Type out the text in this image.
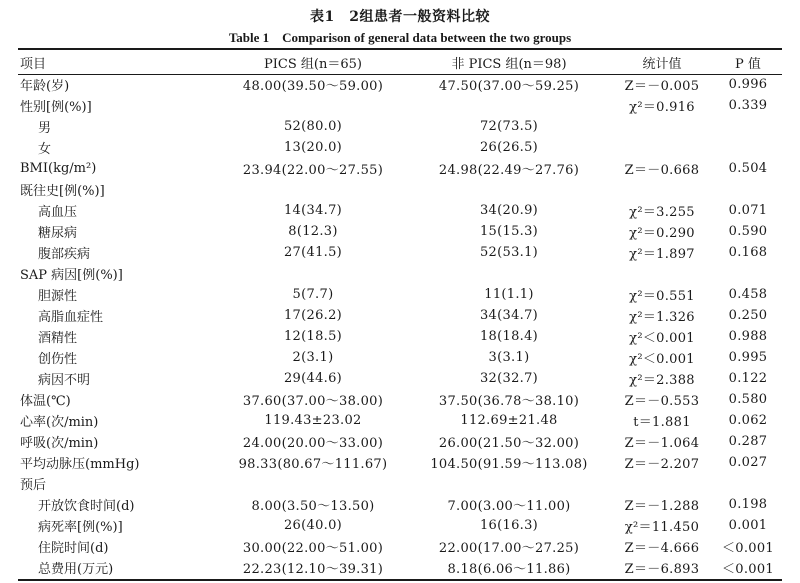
表1　2组患者一般资料比较
Table 1　Comparison of general data between the two groups
项目	PICS 组(n＝65)	非 PICS 组(n＝98)	统计值	P 值
年龄(岁)	48.00(39.50～59.00)	47.50(37.00～59.25)	Z＝－0.005	0.996
性别[例(%)]			χ²＝0.916	0.339
男	52(80.0)	72(73.5)		
女	13(20.0)	26(26.5)		
BMI(kg/m²)	23.94(22.00～27.55)	24.98(22.49～27.76)	Z＝－0.668	0.504
既往史[例(%)]				
高血压	14(34.7)	34(20.9)	χ²＝3.255	0.071
糖尿病	8(12.3)	15(15.3)	χ²＝0.290	0.590
腹部疾病	27(41.5)	52(53.1)	χ²＝1.897	0.168
SAP 病因[例(%)]				
胆源性	5(7.7)	11(1.1)	χ²＝0.551	0.458
高脂血症性	17(26.2)	34(34.7)	χ²＝1.326	0.250
酒精性	12(18.5)	18(18.4)	χ²＜0.001	0.988
创伤性	2(3.1)	3(3.1)	χ²＜0.001	0.995
病因不明	29(44.6)	32(32.7)	χ²＝2.388	0.122
体温(℃)	37.60(37.00～38.00)	37.50(36.78～38.10)	Z＝－0.553	0.580
心率(次/min)	119.43±23.02	112.69±21.48	t＝1.881	0.062
呼吸(次/min)	24.00(20.00～33.00)	26.00(21.50～32.00)	Z＝－1.064	0.287
平均动脉压(mmHg)	98.33(80.67～111.67)	104.50(91.59～113.08)	Z＝－2.207	0.027
预后				
开放饮食时间(d)	8.00(3.50～13.50)	7.00(3.00～11.00)	Z＝－1.288	0.198
病死率[例(%)]	26(40.0)	16(16.3)	χ²＝11.450	0.001
住院时间(d)	30.00(22.00～51.00)	22.00(17.00～27.25)	Z＝－4.666	＜0.001
总费用(万元)	22.23(12.10～39.31)	8.18(6.06～11.86)	Z＝－6.893	＜0.001
